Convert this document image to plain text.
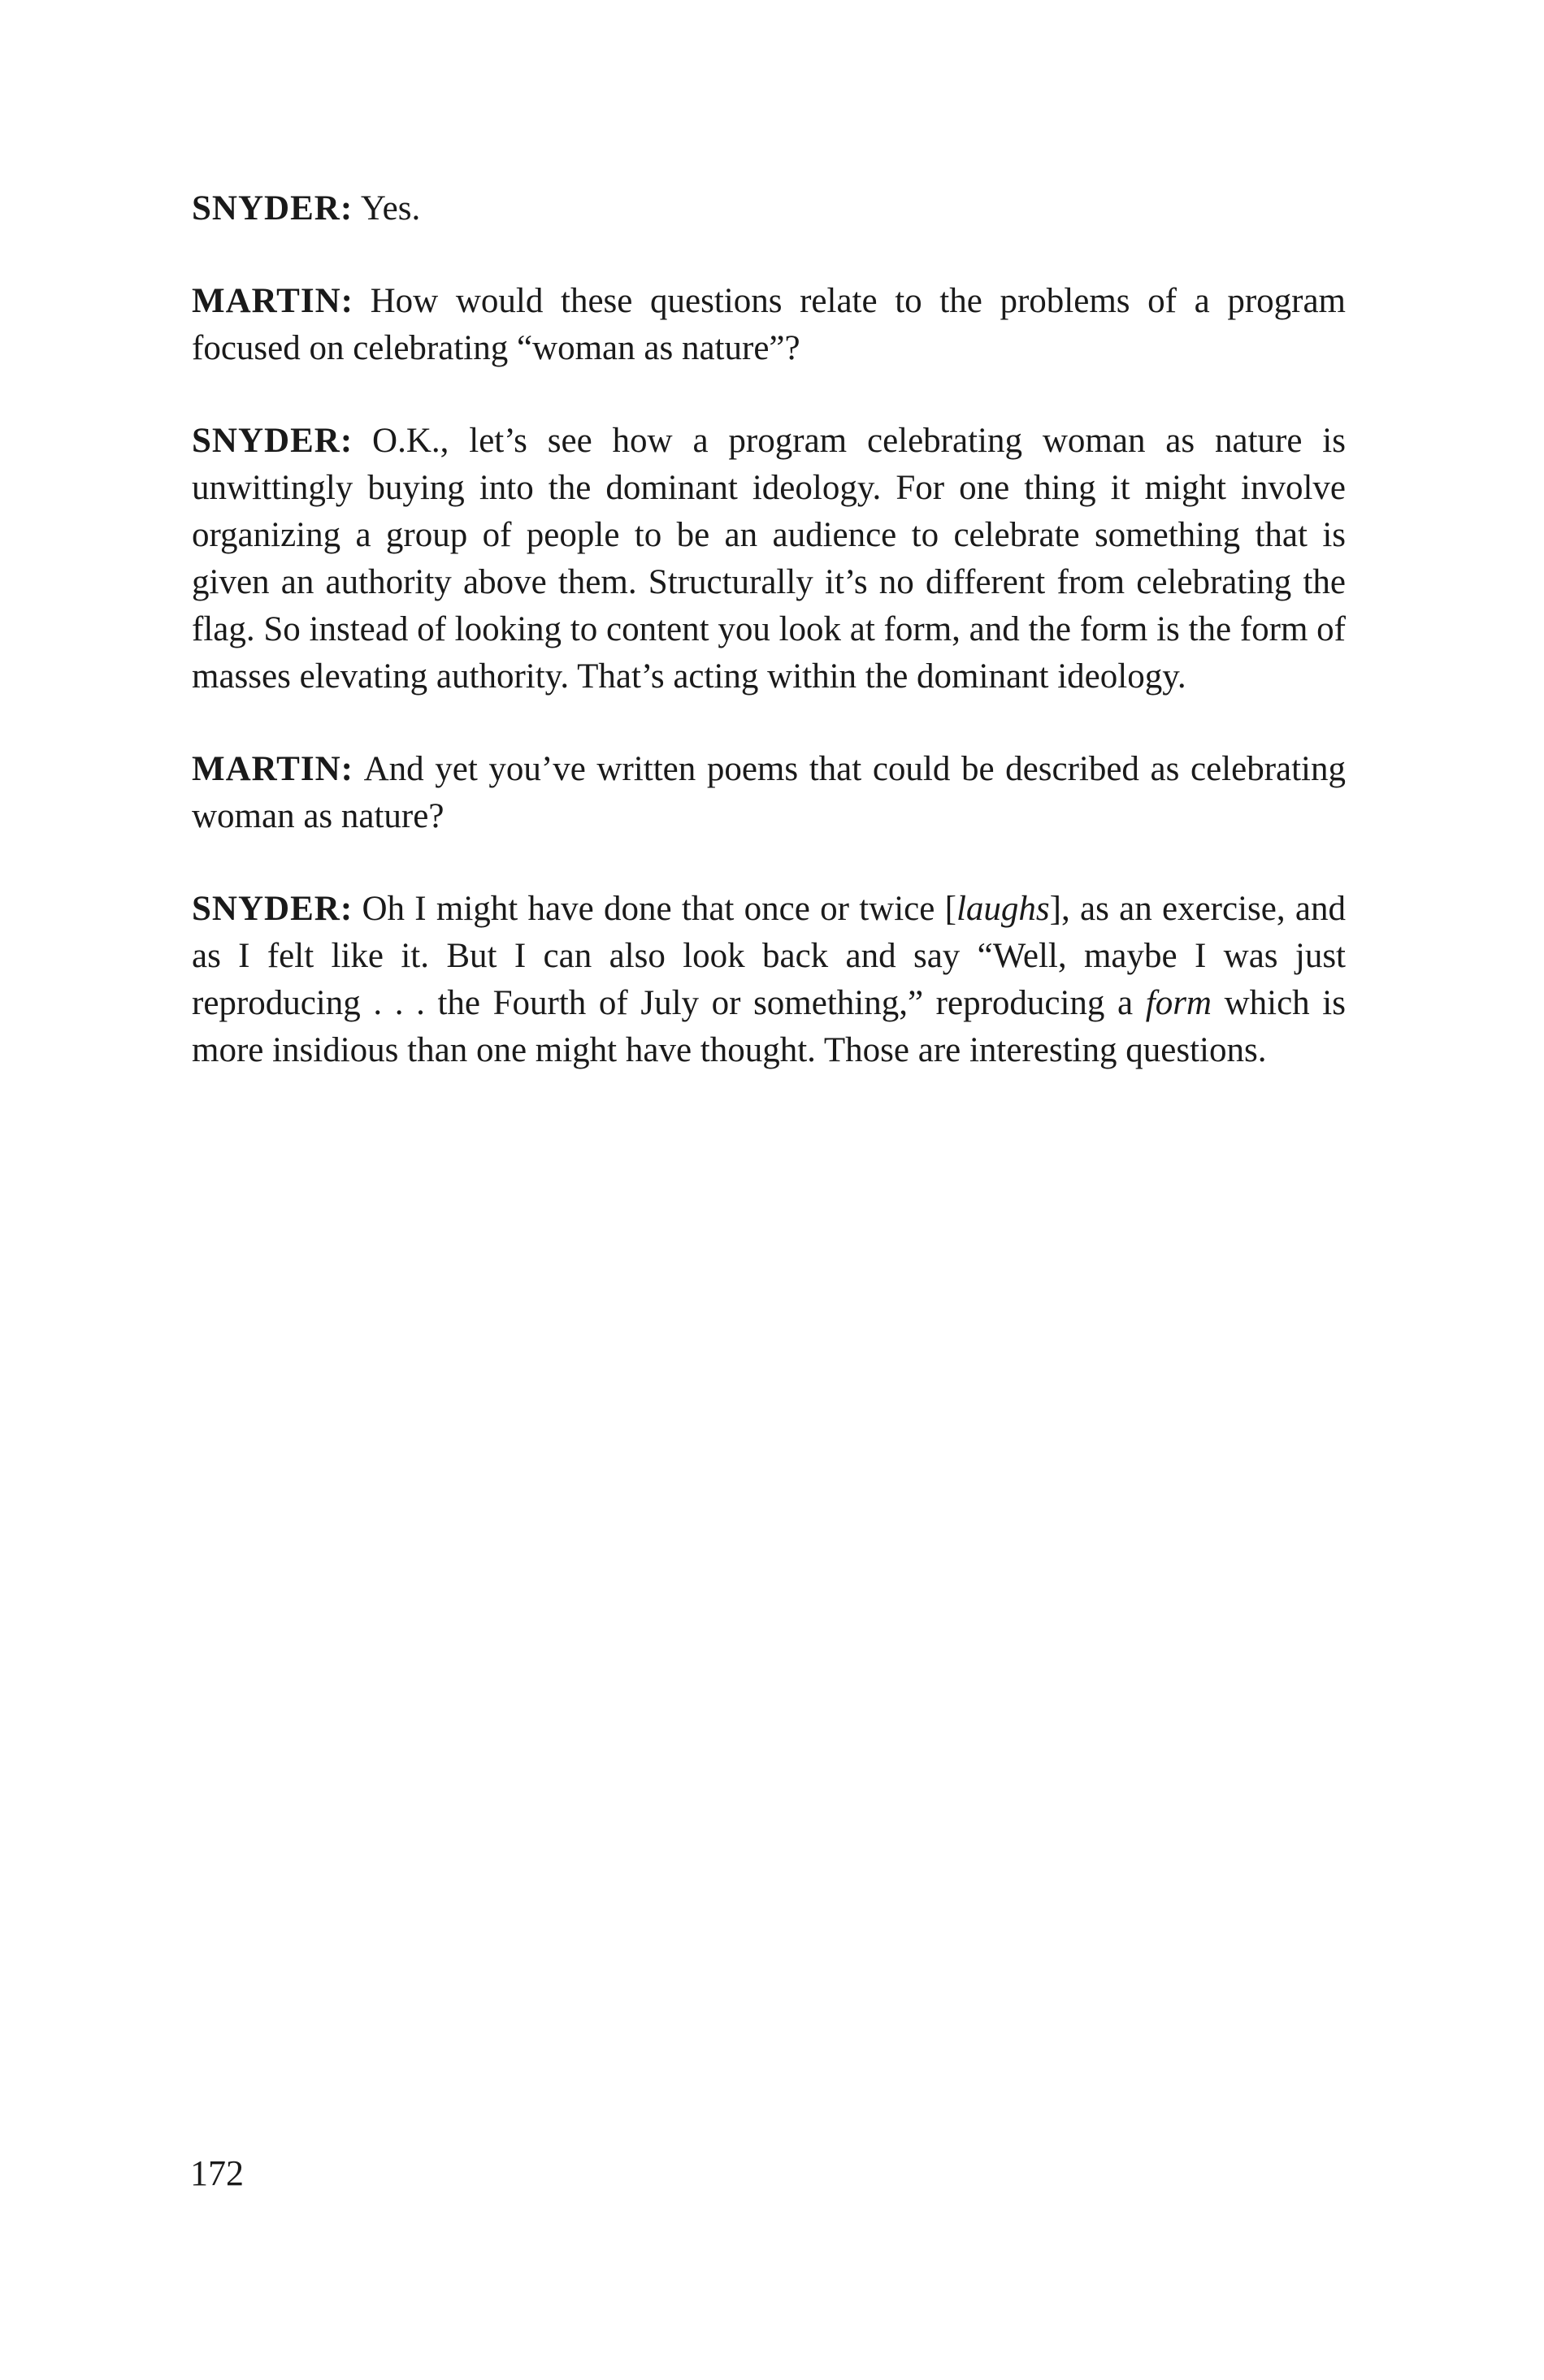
SNYDER: Yes.

MARTIN: How would these questions relate to the problems of a program focused on celebrating “woman as nature”?

SNYDER: O.K., let’s see how a program celebrating woman as nature is unwittingly buying into the dominant ideology. For one thing it might involve organizing a group of people to be an audience to celebrate something that is given an authority above them. Structurally it’s no different from celebrating the flag. So instead of looking to content you look at form, and the form is the form of masses elevating authority. That’s acting within the dominant ideology.

MARTIN: And yet you’ve written poems that could be described as celebrating woman as nature?

SNYDER: Oh I might have done that once or twice [laughs], as an exercise, and as I felt like it. But I can also look back and say “Well, maybe I was just reproducing . . . the Fourth of July or something,” reproducing a form which is more insidious than one might have thought. Those are interesting questions.

172
